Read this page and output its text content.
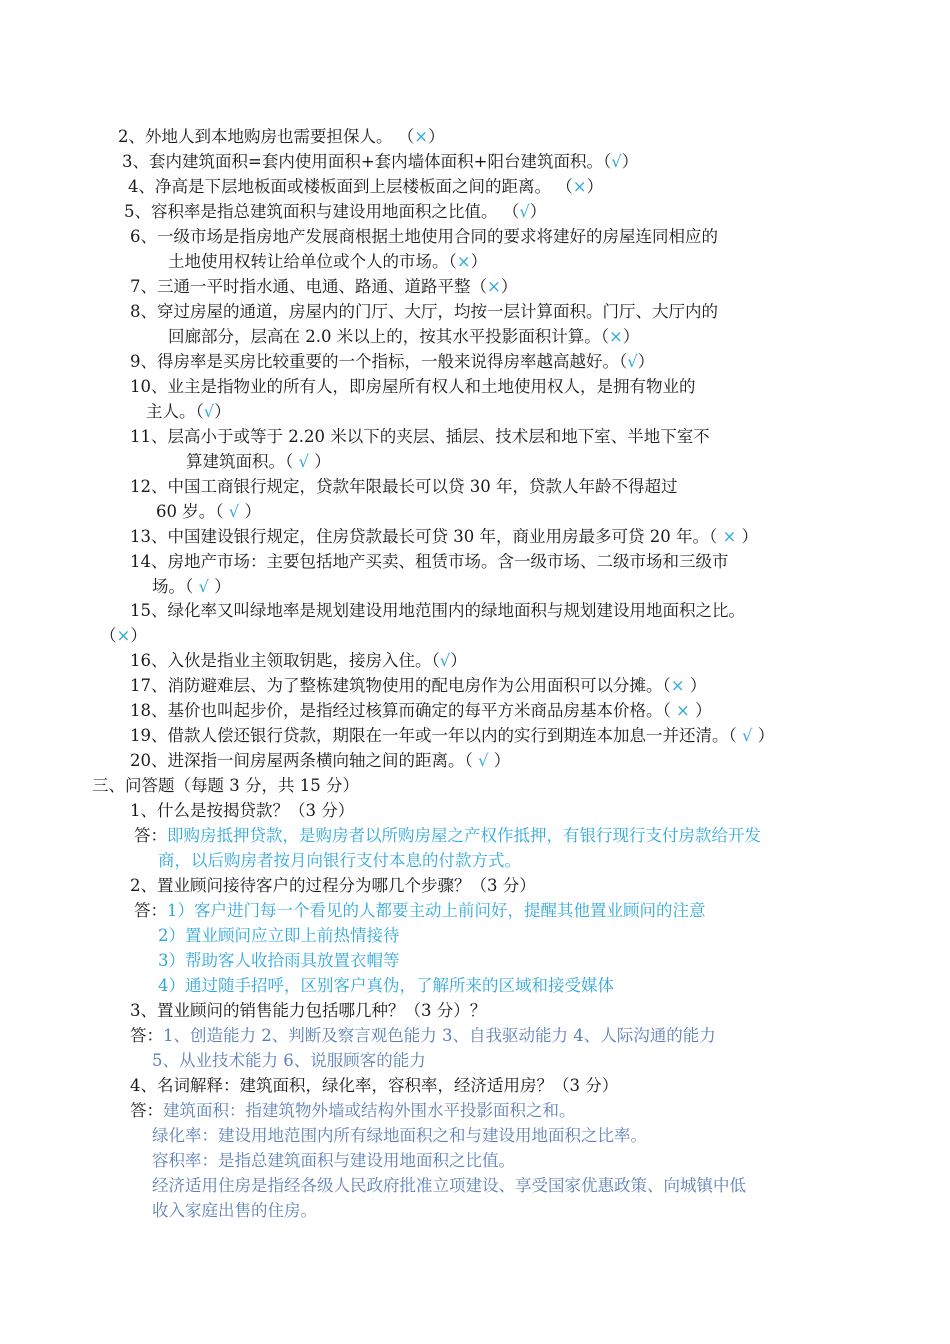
2、外地人到本地购房也需要担保人。 （×）
3、套内建筑面积=套内使用面积+套内墙体面积+阳台建筑面积。（√）
4、净高是下层地板面或楼板面到上层楼板面之间的距离。 （×）
5、容积率是指总建筑面积与建设用地面积之比值。 （√）
6、一级市场是指房地产发展商根据土地使用合同的要求将建好的房屋连同相应的
土地使用权转让给单位或个人的市场。（×）
7、三通一平时指水通、电通、路通、道路平整（×）
8、穿过房屋的通道，房屋内的门厅、大厅，均按一层计算面积。门厅、大厅内的
回廊部分，层高在 2.0 米以上的，按其水平投影面积计算。（×）
9、得房率是买房比较重要的一个指标，一般来说得房率越高越好。（√）
10、业主是指物业的所有人，即房屋所有权人和土地使用权人，是拥有物业的
主人。（√）
11、层高小于或等于 2.20 米以下的夹层、插层、技术层和地下室、半地下室不
算建筑面积。（ √ ）
12、中国工商银行规定，贷款年限最长可以贷 30 年，贷款人年龄不得超过
60 岁。（ √ ）
13、中国建设银行规定，住房贷款最长可贷 30 年，商业用房最多可贷 20 年。（ × ）
14、房地产市场：主要包括地产买卖、租赁市场。含一级市场、二级市场和三级市
场。（ √ ）
15、绿化率又叫绿地率是规划建设用地范围内的绿地面积与规划建设用地面积之比。
（×）
16、入伙是指业主领取钥匙，接房入住。（√）
17、消防避难层、为了整栋建筑物使用的配电房作为公用面积可以分摊。（× ）
18、基价也叫起步价，是指经过核算而确定的每平方米商品房基本价格。（ × ）
19、借款人偿还银行贷款，期限在一年或一年以内的实行到期连本加息一并还清。（ √ ）
20、进深指一间房屋两条横向轴之间的距离。（ √ ）
三、问答题（每题 3 分，共 15 分）
1、什么是按揭贷款？（3 分）
答：即购房抵押贷款，是购房者以所购房屋之产权作抵押，有银行现行支付房款给开发
商，以后购房者按月向银行支付本息的付款方式。
2、置业顾问接待客户的过程分为哪几个步骤？（3 分）
答：1）客户进门每一个看见的人都要主动上前问好，提醒其他置业顾问的注意
2）置业顾问应立即上前热情接待
3）帮助客人收拾雨具放置衣帽等
4）通过随手招呼，区别客户真伪，了解所来的区域和接受媒体
3、置业顾问的销售能力包括哪几种？（3 分）？
答：1、创造能力 2、判断及察言观色能力 3、自我驱动能力 4、人际沟通的能力
5、从业技术能力 6、说服顾客的能力
4、名词解释：建筑面积，绿化率，容积率，经济适用房？（3 分）
答：建筑面积：指建筑物外墙或结构外围水平投影面积之和。
绿化率：建设用地范围内所有绿地面积之和与建设用地面积之比率。
容积率：是指总建筑面积与建设用地面积之比值。
经济适用住房是指经各级人民政府批准立项建设、享受国家优惠政策、向城镇中低
收入家庭出售的住房。
